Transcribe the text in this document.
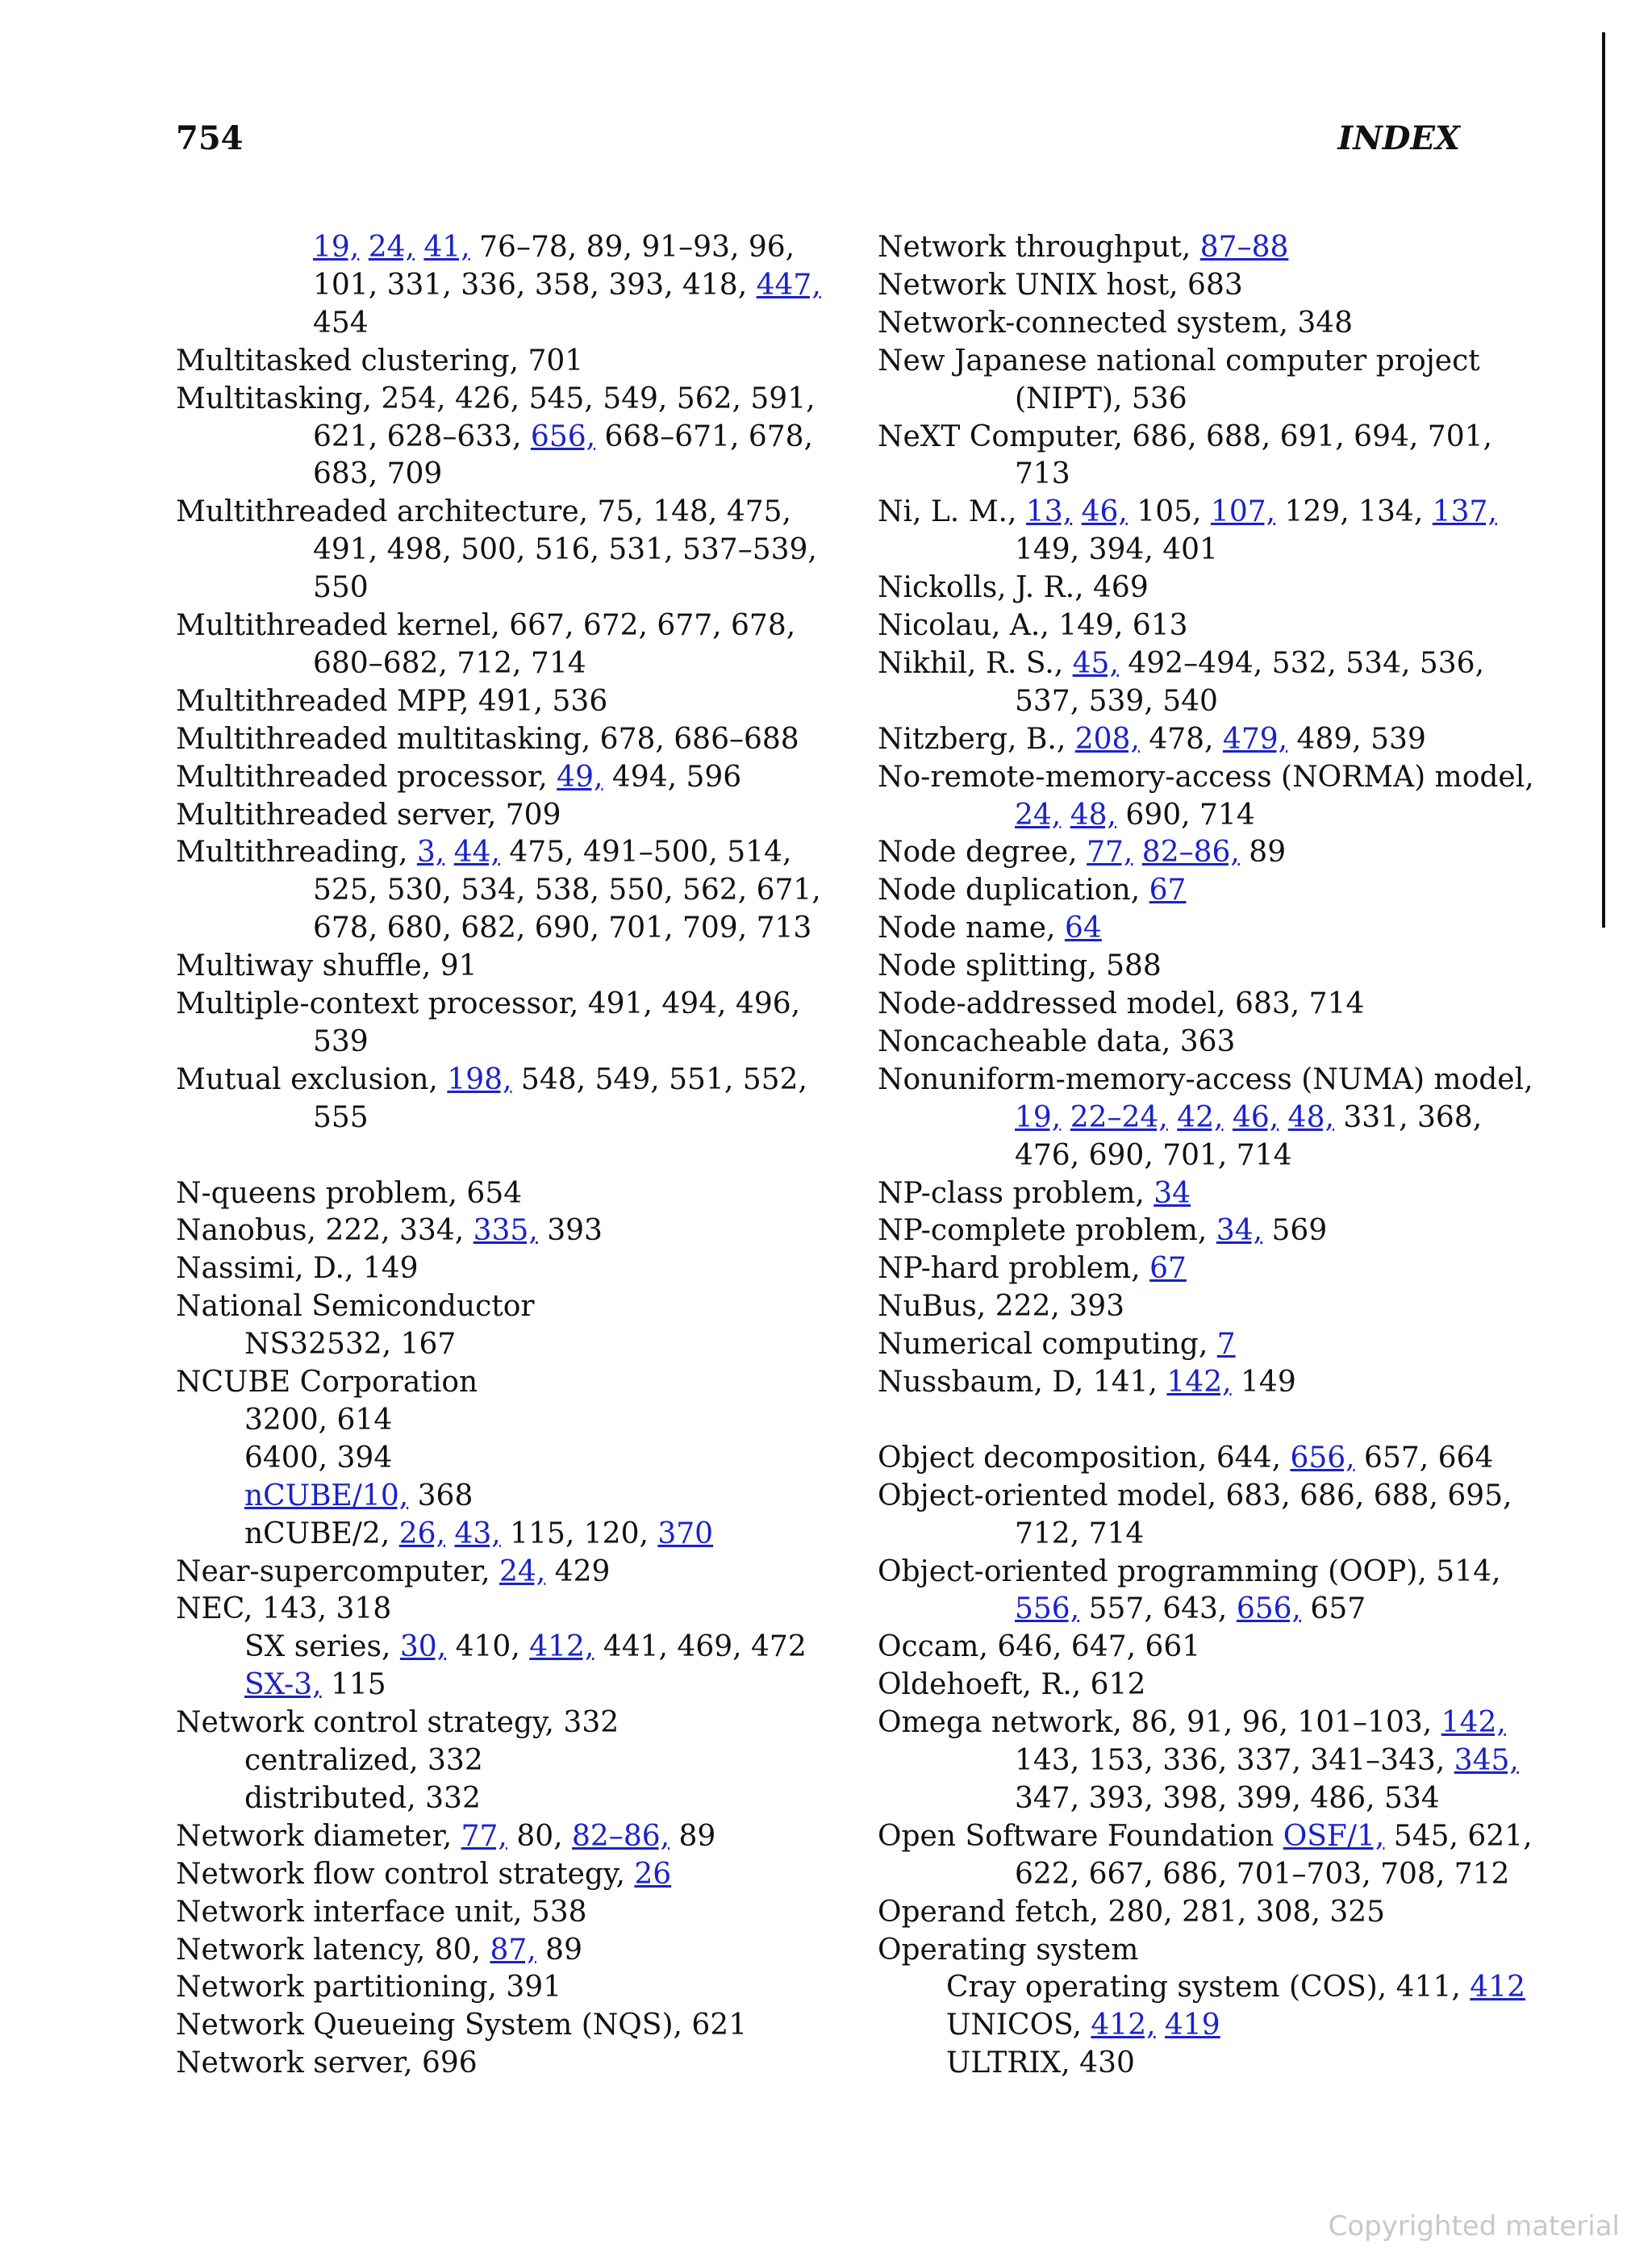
754	INDEX
19, 24, 41, 76–78, 89, 91–93, 96,
101, 331, 336, 358, 393, 418, 447,
454
Multitasked clustering, 701
Multitasking, 254, 426, 545, 549, 562, 591,
621, 628–633, 656, 668–671, 678,
683, 709
Multithreaded architecture, 75, 148, 475,
491, 498, 500, 516, 531, 537–539,
550
Multithreaded kernel, 667, 672, 677, 678,
680–682, 712, 714
Multithreaded MPP, 491, 536
Multithreaded multitasking, 678, 686–688
Multithreaded processor, 49, 494, 596
Multithreaded server, 709
Multithreading, 3, 44, 475, 491–500, 514,
525, 530, 534, 538, 550, 562, 671,
678, 680, 682, 690, 701, 709, 713
Multiway shuffle, 91
Multiple-context processor, 491, 494, 496,
539
Mutual exclusion, 198, 548, 549, 551, 552,
555
N-queens problem, 654
Nanobus, 222, 334, 335, 393
Nassimi, D., 149
National Semiconductor
NS32532, 167
NCUBE Corporation
3200, 614
6400, 394
nCUBE/10, 368
nCUBE/2, 26, 43, 115, 120, 370
Near-supercomputer, 24, 429
NEC, 143, 318
SX series, 30, 410, 412, 441, 469, 472
SX-3, 115
Network control strategy, 332
centralized, 332
distributed, 332
Network diameter, 77, 80, 82–86, 89
Network flow control strategy, 26
Network interface unit, 538
Network latency, 80, 87, 89
Network partitioning, 391
Network Queueing System (NQS), 621
Network server, 696
Network throughput, 87–88
Network UNIX host, 683
Network-connected system, 348
New Japanese national computer project
(NIPT), 536
NeXT Computer, 686, 688, 691, 694, 701,
713
Ni, L. M., 13, 46, 105, 107, 129, 134, 137,
149, 394, 401
Nickolls, J. R., 469
Nicolau, A., 149, 613
Nikhil, R. S., 45, 492–494, 532, 534, 536,
537, 539, 540
Nitzberg, B., 208, 478, 479, 489, 539
No-remote-memory-access (NORMA) model,
24, 48, 690, 714
Node degree, 77, 82–86, 89
Node duplication, 67
Node name, 64
Node splitting, 588
Node-addressed model, 683, 714
Noncacheable data, 363
Nonuniform-memory-access (NUMA) model,
19, 22–24, 42, 46, 48, 331, 368,
476, 690, 701, 714
NP-class problem, 34
NP-complete problem, 34, 569
NP-hard problem, 67
NuBus, 222, 393
Numerical computing, 7
Nussbaum, D, 141, 142, 149
Object decomposition, 644, 656, 657, 664
Object-oriented model, 683, 686, 688, 695,
712, 714
Object-oriented programming (OOP), 514,
556, 557, 643, 656, 657
Occam, 646, 647, 661
Oldehoeft, R., 612
Omega network, 86, 91, 96, 101–103, 142,
143, 153, 336, 337, 341–343, 345,
347, 393, 398, 399, 486, 534
Open Software Foundation OSF/1, 545, 621,
622, 667, 686, 701–703, 708, 712
Operand fetch, 280, 281, 308, 325
Operating system
Cray operating system (COS), 411, 412
UNICOS, 412, 419
ULTRIX, 430
Copyrighted material
